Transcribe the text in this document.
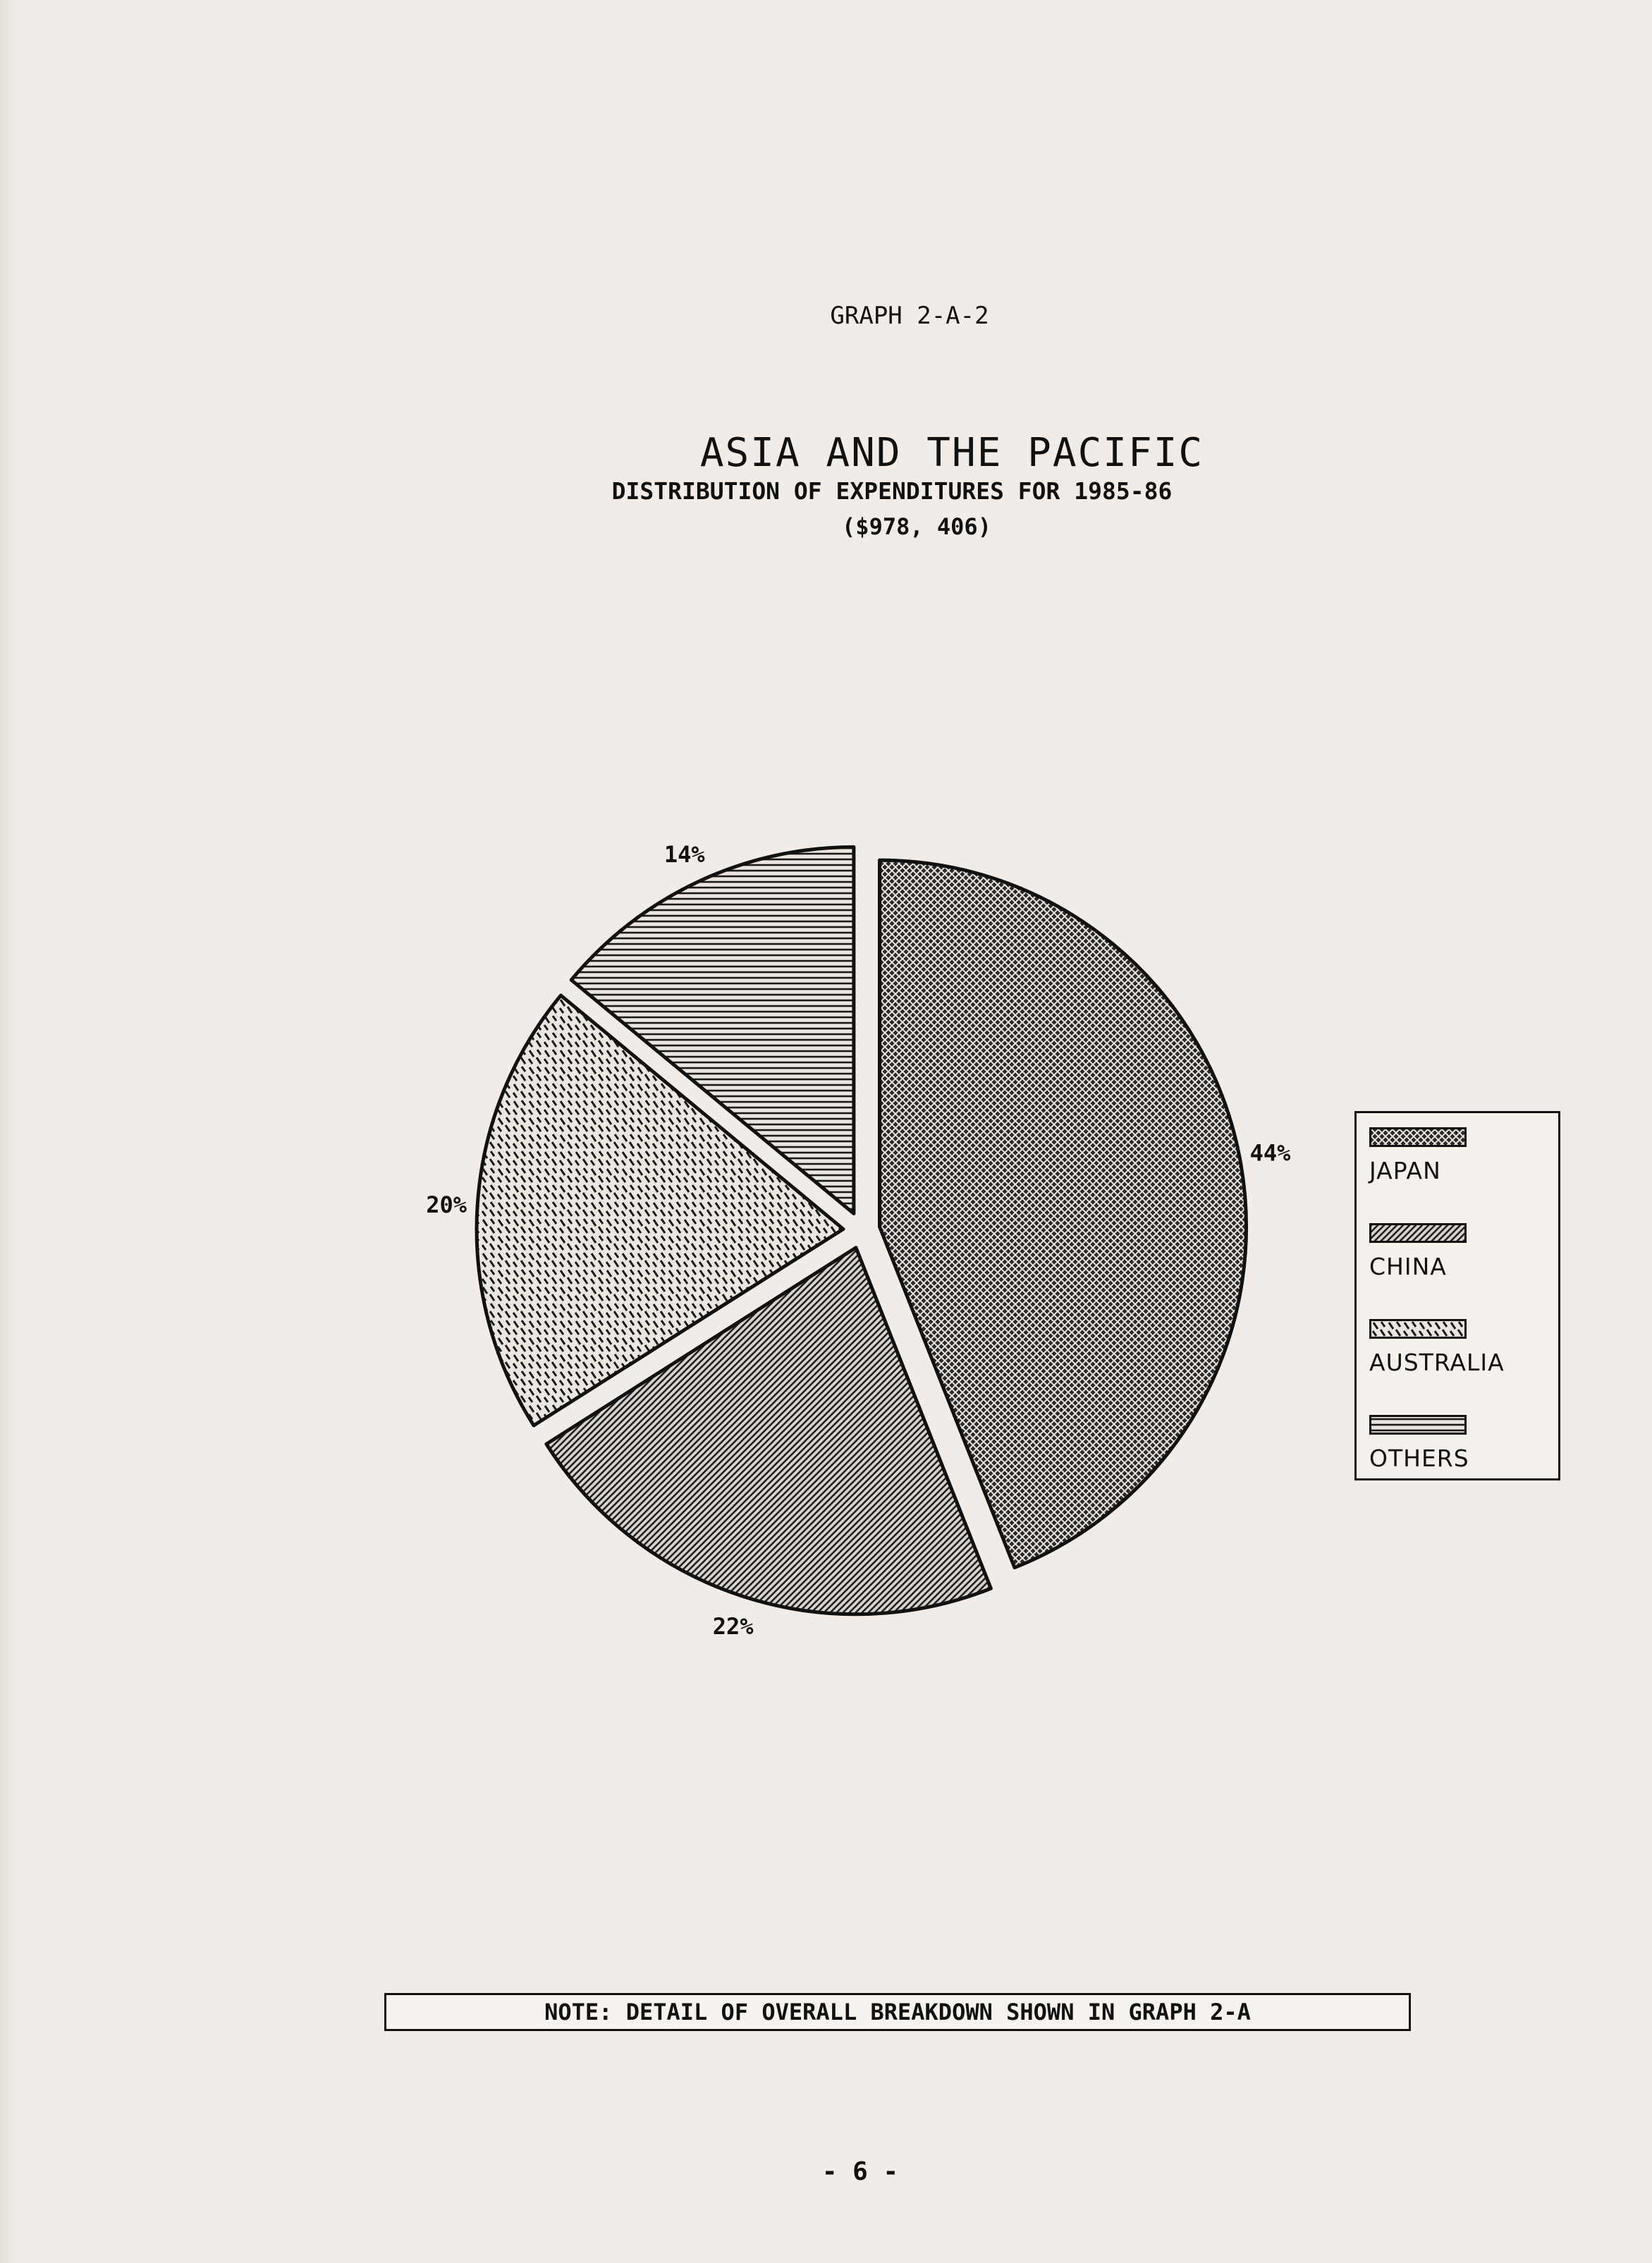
GRAPH 2-A-2
ASIA AND THE PACIFIC
DISTRIBUTION OF EXPENDITURES FOR 1985-86
($978, 406)
44%
22%
20%
14%
JAPAN
CHINA
AUSTRALIA
OTHERS
NOTE: DETAIL OF OVERALL BREAKDOWN SHOWN IN GRAPH 2-A
- 6 -
